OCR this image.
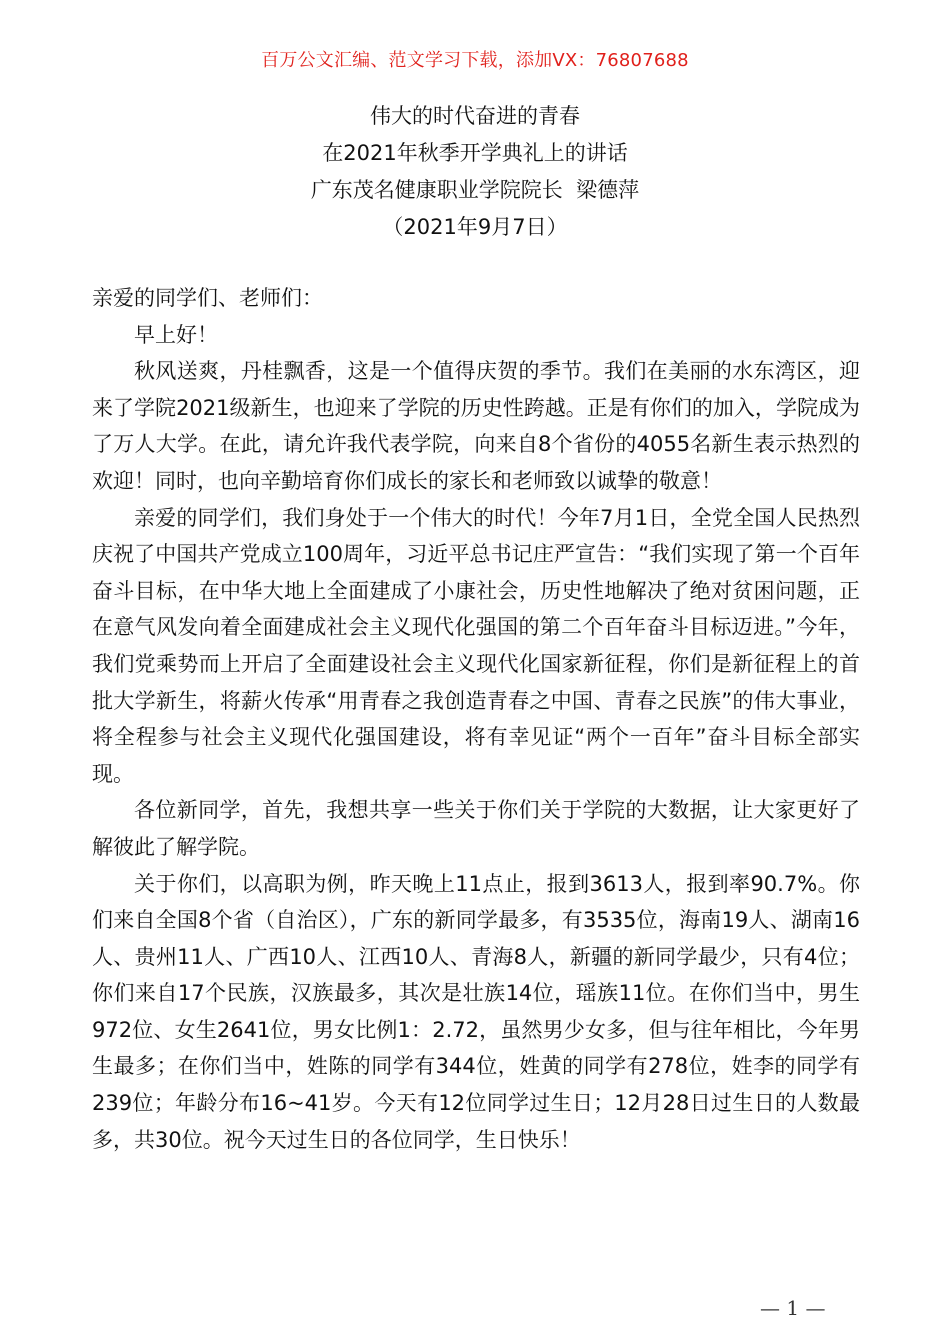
百万公文汇编、范文学习下载，添加VX：76807688
伟大的时代奋进的青春
在2021年秋季开学典礼上的讲话
广东茂名健康职业学院院长  梁德萍
（2021年9月7日）

亲爱的同学们、老师们：

早上好！

秋风送爽，丹桂飘香，这是一个值得庆贺的季节。我们在美丽的水东湾区，迎来了学院2021级新生，也迎来了学院的历史性跨越。正是有你们的加入，学院成为了万人大学。在此，请允许我代表学院，向来自8个省份的4055名新生表示热烈的欢迎！同时，也向辛勤培育你们成长的家长和老师致以诚挚的敬意！

亲爱的同学们，我们身处于一个伟大的时代！今年7月1日，全党全国人民热烈庆祝了中国共产党成立100周年，习近平总书记庄严宣告：“我们实现了第一个百年奋斗目标，在中华大地上全面建成了小康社会，历史性地解决了绝对贫困问题，正在意气风发向着全面建成社会主义现代化强国的第二个百年奋斗目标迈进。”今年，我们党乘势而上开启了全面建设社会主义现代化国家新征程，你们是新征程上的首批大学新生，将薪火传承“用青春之我创造青春之中国、青春之民族”的伟大事业，将全程参与社会主义现代化强国建设，将有幸见证“两个一百年”奋斗目标全部实现。

各位新同学，首先，我想共享一些关于你们关于学院的大数据，让大家更好了解彼此了解学院。

关于你们，以高职为例，昨天晚上11点止，报到3613人，报到率90.7%。你们来自全国8个省（自治区），广东的新同学最多，有3535位，海南19人、湖南16人、贵州11人、广西10人、江西10人、青海8人，新疆的新同学最少，只有4位；你们来自17个民族，汉族最多，其次是壮族14位，瑶族11位。在你们当中，男生972位、女生2641位，男女比例1：2.72，虽然男少女多，但与往年相比，今年男生最多；在你们当中，姓陈的同学有344位，姓黄的同学有278位，姓李的同学有239位；年龄分布16~41岁。今天有12位同学过生日；12月28日过生日的人数最多，共30位。祝今天过生日的各位同学，生日快乐！

— 1 —
